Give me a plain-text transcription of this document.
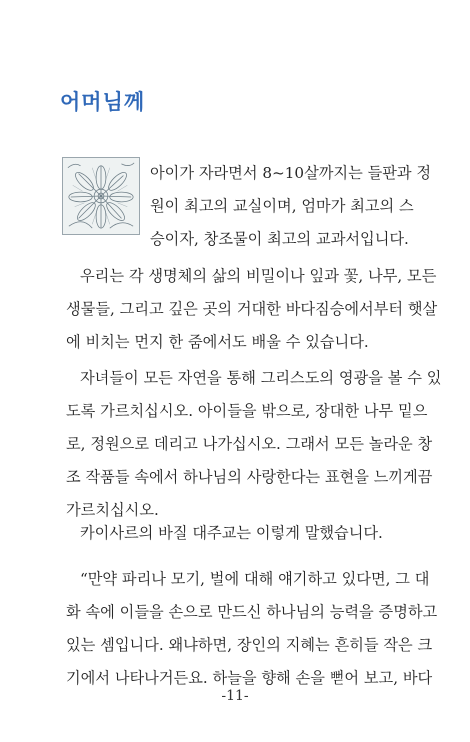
어머님께

아이가 자라면서 8~10살까지는 들판과 정
원이 최고의 교실이며, 엄마가 최고의 스
승이자, 창조물이 최고의 교과서입니다.

우리는 각 생명체의 삶의 비밀이나 잎과 꽃, 나무, 모든
생물들, 그리고 깊은 곳의 거대한 바다짐승에서부터 햇살
에 비치는 먼지 한 줌에서도 배울 수 있습니다.

자녀들이 모든 자연을 통해 그리스도의 영광을 볼 수 있
도록 가르치십시오. 아이들을 밖으로, 장대한 나무 밑으
로, 정원으로 데리고 나가십시오. 그래서 모든 놀라운 창
조 작품들 속에서 하나님의 사랑한다는 표현을 느끼게끔
가르치십시오.

카이사르의 바질 대주교는 이렇게 말했습니다.

“만약 파리나 모기, 벌에 대해 얘기하고 있다면, 그 대
화 속에 이들을 손으로 만드신 하나님의 능력을 증명하고
있는 셈입니다. 왜냐하면, 장인의 지혜는 흔히들 작은 크
기에서 나타나거든요. 하늘을 향해 손을 뻗어 보고, 바다

-11-
